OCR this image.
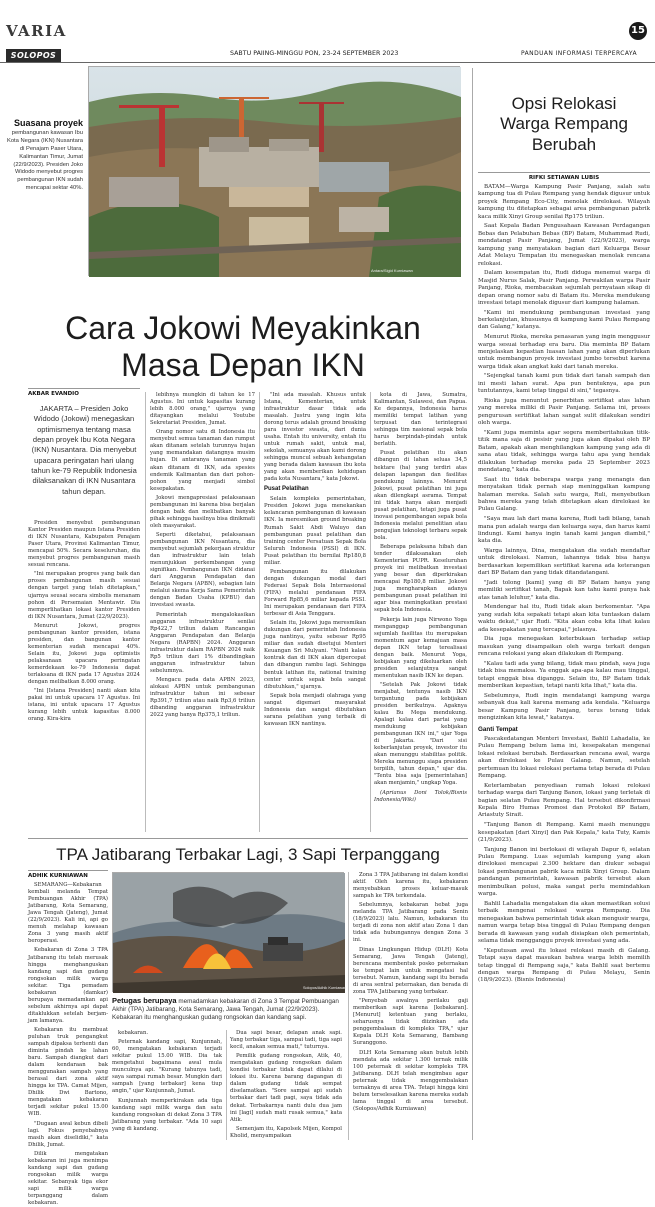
VARIA	15
SOLOPOS	SABTU PAIING-MINGGU PON, 23-24 SEPTEMBER 2023	PANDUAN INFORMASI TERPERCAYA
Suasana proyek
pembangunan kawasan Ibu Kota Negara (IKN) Nusantara di Penajam Paser Utara, Kalimantan Timur, Jumat (22/9/2023). Presiden Joko Widodo menyebut progres pembangunan IKN sudah mencapai sektar 40%.
Antara/Sigid Kurniawan
Cara Jokowi Meyakinkan
Masa Depan IKN
AKBAR EVANDIO
JAKARTA – Presiden Joko Widodo (Jokowi) menegaskan optimismenya tentang masa depan proyek Ibu Kota Negara (IKN) Nusantara. Dia menyebut upacara peringatan hari ulang tahun ke-79 Republik Indonesia dilaksanakan di IKN Nusantara tahun depan.

Presiden menyebut pembangunan Kantor Presiden maupun Istana Presiden di IKN Nusantara, Kabupaten Penajam Paser Utara, Provinsi Kalimantan Timur, mencapai 50%. Secara keseluruhan, dia menyebut progres pembangunan masih sesuai rencana.

"Ini merupakan progres yang baik dan proses pembangunan masih sesuai dengan target yang telah ditetapkan," ujarnya seusai secara simbolis menanam pohon di Persemaian Mentawir. Dia memperlihatkan lokasi kantor Presiden di IKN Nusantara, Jumat (22/9/2023).

Menurut Jokowi, progres pembangunan kantor presiden, istana presiden, dan bangunan kantor kementerian sudah mencapai 40%. Selain itu, Jokowi juga optimistis pelaksanaan upacara peringatan kemerdekaan ke-79 Indonesia dapat terlaksana di IKN pada 17 Agustus 2024 dengan melibatkan 8.000 orang.

"Ini [Istana Presiden] nanti akan kita pakai ini untuk upacara 17 Agustus. Ini istana, ini untuk upacara 17 Agustus kurang lebih untuk kapasitas 8.000 orang. Kira-kira

lebihnya mungkin di tahun ke 17 Agustus. Ini untuk kapasitas kurang lebih 8.000 orang," ujarnya yang ditayangkan melalui Youtube Sekretariat Presiden, Jumat.

Orang nomor satu di Indonesia itu menyebut semua tanaman dan rumput akan ditanam setelah turunnya hujan yang memandakan datangnya musim hujan. Di antaranya tanaman yang akan ditanam di IKN, ada spesies endemik Kalimantan dan dari pohon-pohon yang menjadi simbol kesepakatan.

Jokowi mengapresiasi pelaksanaan pembangunan ini karena bisa berjalan dengan baik dan melibatkan banyak pihak sehingga hasilnya bisa dinikmati oleh masyarakat.

Seperti diketahui, pelaksanaan pembangunan IKN Nusantara, dia menyebut sejumlah pekerjaan struktur dan infrastruktur lain telah menunjukkan perkembangan yang signifikan. Pembangunan IKN didanai dari Anggaran Pendapatan dan Belanja Negara (APBN), sebagian lain melalui skema Kerja Sama Pemerintah dengan Badan Usaha (KPBU) dan investasi swasta.

Pemerintah mengalokasikan anggaran infrastruktur senilai Rp422,7 triliun dalam Rancangan Anggaran Pendapatan dan Belanja Negara (RAPBN) 2024. Anggaran infrastruktur dalam RAPBN 2024 naik Rp5 triliun dari 1% dibandingkan anggaran infrastruktur tahun sebelumnya.

Mengacu pada data APBN 2023, alokasi APBN untuk pembangunan infrastruktur tahun ini sebesar Rp391,7 triliun atau naik Rp3,6 triliun dibanding anggaran infrastruktur 2022 yang hanya Rp375,1 triliun.

"Ini ada masalah. Khusus untuk Istana, Kementerian, untuk infrastruktur dasar tidak ada masalah. Justru yang ingin kita dorong terus adalah ground breaking para investor swasta, dari dunia usaha. Entah itu university, entah itu untuk rumah sakit, untuk mal, sekolah, semuanya akan kami dorong sehingga muncul sebuah kehangatan yang berada dalam kawasan ibu kota yang akan memberikan kehidupan pada kota Nusantara," kata Jokowi.

Pusat Pelatihan

Selain kompleks pemerintahan, Presiden Jokowi juga menekankan kelancaran pembangunan di kawasan IKN. Ia meresmikan ground breaking Rumah Sakit Abdi Waluyo dan pembangunan pusat pelatihan dan training center Persatuan Sepak Bola Seluruh Indonesia (PSSI) di IKN. Pusat pelatihan itu bernilai Rp180,8 miliar.

Pembangunan itu dilakukan dengan dukungan modal dari Federasi Sepak Bola Internasional (FIFA) melalui pendanaan FIFA Forward Rp85,6 miliar kepada PSSI. Ini merupakan pendanaan dari FIFA terbesar di Asia Tenggara.

Selain itu, Jokowi juga meresmikan dukungan dari pemerintah Indonesia juga nantinya, yaitu sebesar Rp95 miliar dan sudah disetujui Menteri Keuangan Sri Mulyani. "Nanti kalau kontrak dan di IKN akan dipercepat dan dibangun rambu lagi. Sehingga bentuk latihan itu, national training center untuk sepak bola sangat dibutuhkan," ujarnya.

Sepak bola menjadi olahraga yang sangat digemari masyarakat Indonesia dan sangat dibutuhkan sarana pelatihan yang terbaik di kawasan IKN nantinya.

kota di Jawa, Sumatra, Kalimantan, Sulawesi, dan Papua. Ke depannya, Indonesia harus memiliki tempat latihan yang terpusat dan terintegrasi sehingga tim nasional sepak bola harus berpindah-pindah untuk berlatih.

Pusat pelatihan itu akan dibangun di lahan seluas 34,5 hektare (ha) yang terdiri atas delapan lapangan dan fasilitas pendukung lainnya. Menurut Jokowi, pusat pelatihan ini juga akan dilengkapi asrama. Tempat ini tidak hanya akan menjadi pusat pelatihan, tetapi juga pusat inovasi pengembangan sepak bola Indonesia melalui penelitian atau pengujian teknologi terbaru sepak bola.

Beberapa pelaksana hibah dan tender dilaksanakan oleh Kementerian PUPR. Keseluruhan proyek ini melibatkan investasi yang besar dan diperkirakan mencapai Rp180,8 miliar. Jokowi juga mengharapkan adanya pembangunan pusat pelatihan ini agar bisa meningkatkan prestasi sepak bola Indonesia.

Pekerja lain juga Nirwono Yoga menganggap pembangunan sejumlah fasilitas itu merupakan momentum agar kemajuan masa depan IKN tetap terealisasi dengan baik. Menurut Yoga, kebijakan yang dikeluarkan oleh presiden selanjutnya sangat menentukan nasib IKN ke depan.

"Setelah Pak Jokowi tidak menjabat, tentunya nasib IKN tergantung pada kebijakan presiden berikutnya. Agaknya kalau Bu Mega mendukung. Apalagi kalau dari partai yang mendukung kebijakan pembangunan IKN ini," ujar Yoga di Jakarta. "Dari sisi keberlanjutan proyek, investor itu akan menunggu stabilitas politik. Mereka menunggu siapa presiden terpilih, tahun depan," ujar dia. "Tentu bisa saja [pemerintahan] akan menjamin," ungkap Yoga.

(Aprianus Doni Tolok/Bisnis Indonesia/Wiki)

TPA Jatibarang Terbakar Lagi, 3 Sapi Terpanggang
ADHIK KURNIAWAN

SEMARANG—Kebakaran kembali melanda Tempat Pembuangan Akhir (TPA) Jatibarang, Kota Semarang, Jawa Tengah (Jateng), Jumat (22/9/2023). Kali ini, api go menuh melahap kawasan Zona 3 yang masih aktif beroperasi.

Kebakaran di Zona 3 TPA Jatibarang itu telah merusak hingga menghanguskan kandang sapi dan gudang rongsokan milik warga sekitar. Tiga pemadam kebakaran (damkar) berupaya memadamkan api sebelum akhirnya api dapat ditaklukkan setelah berjam-jam lamanya.

Kebakaran itu membuat puluhan truk pengangkut sampah dipaksa terhenti dan diminta pindah ke lahan baru. Sampah diangkut dari dalam kendaraan bak menggunakan sampah yang berasal dari zona aktif hingga ke TPA. Camat Mijen, Dhilik Dwi Bartono, mengatakan kebakaran terjadi sekitar pukul 15.00 WIB.

"Dugaan awal kebun dibeli lagi. Fokus penyebabnya masih akan diselidiki," kata Dhilik, Jumat.

Dilik mengatakan kebakaran ini juga menimpa kandang sapi dan gudang rongsokan milik warga sekitar. Sebanyak tiga ekor sapi milik warga terpanggang dalam kebakaran.

Solopos/Adhik Kurniawan
Petugas berupaya memadamkan kebakaran di Zona 3 Tempat Pembuangan Akhir (TPA) Jatibarang, Kota Semarang, Jawa Tengah, Jumat (22/9/2023). Kebakaran itu menghanguskan gudang rongsokan dan kandang sapi.

kebakaran.

Peternak kandang sapi, Kunjunnah, 60, mengatakan kebakaran terjadi sekitar pukul 15.00 WIB. Dia tak mengetahui bagaimana awal mula munculnya api. "Kurang tahunya tadi, saya sampai rumah besar. Mungkin dari sampah [yang terbakar] kena tiup angin," ujar Kunjunnah, Jumat.

Kunjunnah memperkirakan ada tiga kandang sapi milik warga dan satu kandang rongsokan di dekat Zona 3 TPA Jatibarang yang terbakar. "Ada 10 sapi yang di kandang.

Dua sapi besar, delapan anak sapi. Yang terbakar tiga, sampai tadi, tiga sapi kecil, anakan semua mati," tuturnya.

Pemilik gudang rongsokan, Atik, 40, mengatakan gudang rongsokan dalam kondisi terbakar tidak dapat dilalui di lokasi itu. Karena barang dagangan di dalam gudang tidak sempat diselamatkan. "Sore sampai api sudah terbakar dari tadi pagi, saya tidak ada dekat. Terbakarnya nanti dulu dua jam ini [lagi] sudah mati rusak semua," kata Atik.

Semenjam itu, Kapolsek Mijen, Kompol Kholid, menyampaikan

Zona 3 TPA Jatibarang ini dalam kondisi aktif. Oleh karena itu, kebakaran menyebabkan proses keluar-masuk sampah ke TPA terkendala.

Sebelumnya, kebakaran hebat juga melanda TPA Jatibarang pada Senin (18/9/2023) lalu. Namun, kebakaran itu terjadi di zona non aktif atau Zona 1 dan tidak ada hubungannya dengan Zona 3 ini.

Dinas Lingkungan Hidup (DLH) Kota Semarang, Jawa Tengah (Jateng), berencana membentuk posko peternakan ke tempat lain untuk mengatasi hal tersebut. Namun, kandang sapi itu berada di area sentral peternakan, dan berada di zona TPA Jatibarang yang terbakar.

"Penyebab awalnya perilaku gaji memberikan sapi karena [kebakaran]. [Menurut] ketentuan yang berlaku, seharusnya tidak diizinkan ada penggembalaan di kompleks TPA," ujar Kepala DLH Kota Semarang, Bambang Suranggono.

DLH Kota Semarang akan butuh lebih mendata ada sekitar 1.300 ternak milik 100 peternak di sekitar kompleks TPA Jatibarang. DLH telah mengimbau agar peternak tidak menggembalakan ternaknya di area TPA. Tetapi hingga kini belum terselesaikan karena mereka sudah lama tinggal di area tersebut. (Solopos/Adhik Kurniawan)

Opsi Relokasi
Warga Rempang
Berubah
RIFKI SETIAWAN LUBIS

BATAM—Warga Kampung Pasir Panjang, salah satu kampung tua di Pulau Rempang yang hendak digusur untuk proyek Rempang Eco-City, menolak direlokasi. Wilayah kampung itu ditetapkan sebagai area pembangunan pabrik kaca milik Xinyi Group senilai Rp175 triliun.

Saat Kepala Badan Pengusahaan Kawasan Perdagangan Bebas dan Pelabuhan Bebas (BP) Batam, Muhammad Rudi, mendatangi Pasir Panjang, Jumat (22/9/2023), warga kampung yang menyatakan bagian dari Keluarga Besar Adat Melayu Tempatan itu menegaskan menolak rencana relokasi.

Dalam kesempatan itu, Rudi diduga menemui warga di Masjid Nurus Salak, Pasir Panjang. Perwakilan warga Pasir Panjang, Rioka, membacakan sejumlah pernyataan sikap di depan orang nomor satu di Batam itu. Mereka mendukung investasi tetapi menolak digusur dari kampung halaman.

"Kami ini mendukung pembangunan investasi yang berkelanjutan, khususnya di kampung kami Pulau Rempang dan Galang," katanya.

Menurut Rioka, mereka penasaran yang ingin menggusur warga sesuai terhadap era baru. Dia meminta BP Batam menjelaskan kepastian luasan lahan yang akan diperlukan untuk membangun proyek investasi jumbo tersebut karena warga tidak akan angkat kaki dari tanah mereka.

"Sejengkal tanah kami pun tidak dari tanah sampah dan ini mesti lahan surat. Apa pun bentuknya, apa pun tuntutannya, kami tetap tinggal di sini," tegasnya.

Rioka juga menuntut penerbitan sertifikat atas lahan yang mereka miliki di Pasir Panjang. Selama ini, proses pengurusan sertifikat lahan sangat sulit dilakukan sendiri oleh warga.

"Kami juga meminta agar segera memberitahukan titik-titik mana saja di pesisir yang juga akan dipakai oleh BP Batam, apakah akan menghilangkan kampung yang ada di sana atau tidak, sehingga warga tahu apa yang hendak dilakukan terhadap mereka pada 25 September 2023 mendatang," kata dia.

Saat itu tidak beberapa warga yang menangis dan menyatakan tidak pernah siap meninggalkan kampung halaman mereka. Salah satu warga, Ruli, menyebutkan bahwa mereka yang telah ditetapkan akan direlokasi ke Pulau Galang.

"Saya mau lah dari mana karena, Rudi tadi bilang, tanah mana pun adalah warga dan keluarga saya, dan harus kami lindungi. Kami hanya ingin tanah kami jangan diambil," kata dia.

Warga lainnya, Dina, mengatakan dia sudah mendaftar untuk direlokasi. Namun, lahannya tidak bisa hanya berdasarkan kepemilikan sertifikat karena ada keterangan dari BP Batam dan yang tidak ditandatangani.

"Jadi tolong [kami] yang di BP Batam hanya yang memiliki sertifikat tanah, Bapak kan tahu kami punya hak atas tanah leluhur," kata dia.

Mendengar hal itu, Rudi tidak akan berkomentar. "Apa yang sudah kita sepakati tetapi akan kita tuntaskan dalam waktu dekat," ujar Rudi. "Kita akan coba kita lihat kalau ada kesepakatan yang tercapai," jelasnya.

Dia juga menegaskan keterbukaan terhadap setiap masukan yang disampaikan oleh warga terkait dengan rencana relokasi yang akan dilakukan di Rempang.

"Kalau tadi ada yang bilang, tidak mau pindah, saya juga tidak bisa memaksa. Ya enggak apa-apa kalau mau tinggal, tetapi enggak bisa diganggu. Selain itu, BP Batam tidak memberikan kepastian, tetapi nanti kita lihat," kata dia.

Sebelumnya, Rudi ingin mendatangi kampung warga sebanyak dua kali karena memang ada kendala. "Keluarga besar Kampung Pasir Panjang, terus terang tidak mengizinkan kita lewat," katanya.

Ganti Tempat

Pascakedatangan Menteri Investasi, Bahlil Lahadalia, ke Pulau Rempang belum lama ini, kesepakatan mengenai lokasi relokasi berubah. Berdasarkan rencana awal, warga akan direlokasi ke Pulau Galang. Namun, setelah pertemuan itu lokasi relokasi pertama tetap berada di Pulau Rempang.

Keterlambatan penyediaan rumah lokasi relokasi terhadap warga dari Tanjung Banon, lokasi yang terletak di bagian selatan Pulau Rempang. Hal tersebut dikonfirmasi Kepala Biro Humas Promosi dan Protokol BP Batam, Ariastuty Sirait.

"Tanjung Banon di Rempang. Kami masih menunggu kesepakatan [dari Xinyi] dan Pak Kepala," kata Tuty, Kamis (21/9/2023).

Tanjung Banon ini berlokasi di wilayah Dapur 6, selatan Pulau Rempang. Luas sejumlah kampung yang akan direlokasi mencapai 2.300 hektare dan diukur sebagai lokasi pembangunan pabrik kaca milik Xinyi Group. Dalam pandangan pemerintah, kawasan pabrik tersebut akan menimbulkan polusi, maka sangat perlu memindahkan warga.

Bahlil Lahadalia mengatakan dia akan memastikan solusi terbaik mengenai relokasi warga Rempang. Dia menegaskan bahwa pemerintah tidak akan mengusir warga, namun warga tetap bisa tinggal di Pulau Rempang dengan berada di kawasan yang sudah disiapkan oleh pemerintah, selama tidak mengganggu proyek investasi yang ada.

"Keputusan awal itu lokasi relokasi masih di Galang. Tetapi saya dapat masukan bahwa warga lebih memilih tetap tinggal di Rempang saja," kata Bahlil saat bertemu dengan warga Rempang di Pulau Melayu, Senin (18/9/2023). (Bisnis Indonesia)
